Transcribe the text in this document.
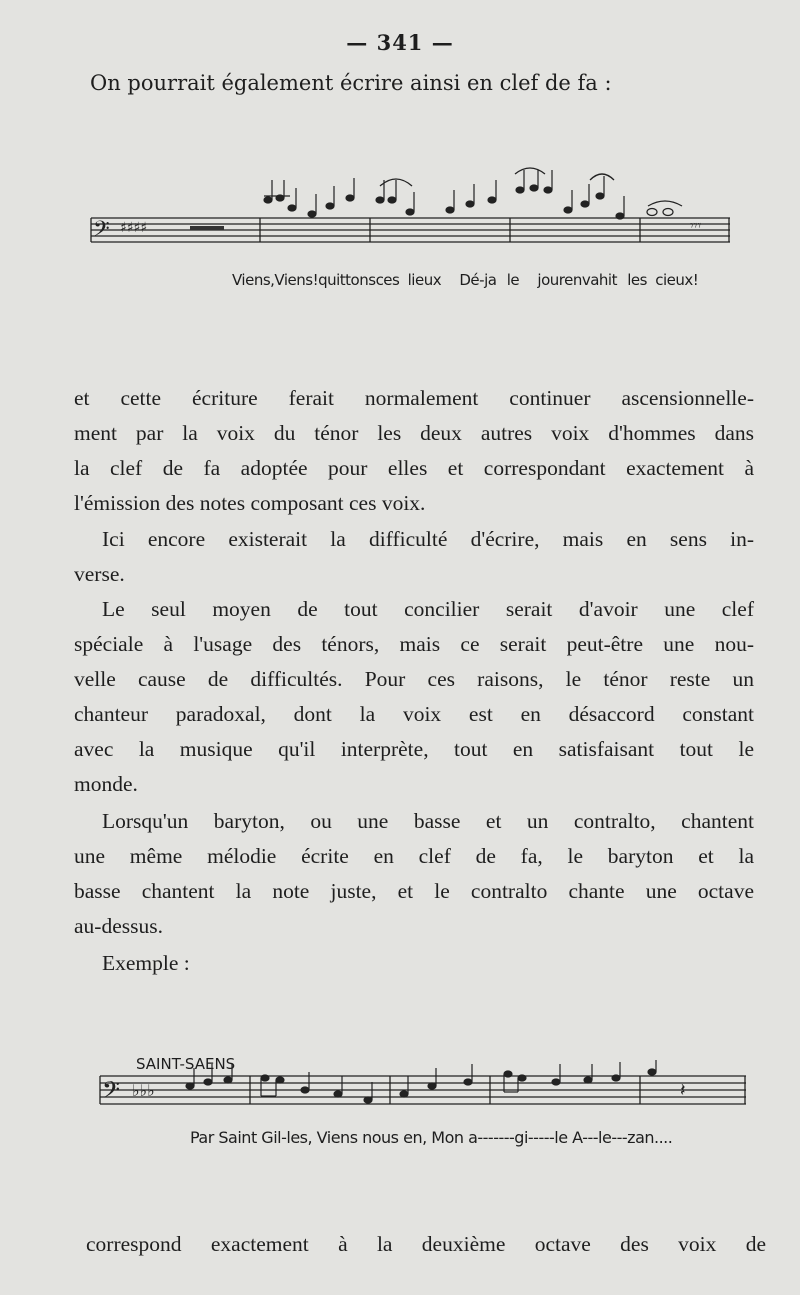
— 341 —
On pourrait également écrire ainsi en clef de fa :
𝄢 ♯♯♯♯	𝄾𝄾𝄾
Viens,Viens!quittonsces lieux Dé-ja le jourenvahit les cieux!
et cette écriture ferait normalement continuer ascensionnelle-
ment par la voix du ténor les deux autres voix d'hommes dans
la clef de fa adoptée pour elles et correspondant exactement à
l'émission des notes composant ces voix.
Ici encore existerait la difficulté d'écrire, mais en sens in-
verse.
Le seul moyen de tout concilier serait d'avoir une clef
spéciale à l'usage des ténors, mais ce serait peut-être une nou-
velle cause de difficultés. Pour ces raisons, le ténor reste un
chanteur paradoxal, dont la voix est en désaccord constant
avec la musique qu'il interprète, tout en satisfaisant tout le
monde.
Lorsqu'un baryton, ou une basse et un contralto, chantent
une même mélodie écrite en clef de fa, le baryton et la
basse chantent la note juste, et le contralto chante une octave
au-dessus.
Exemple :
SAINT-SAENS
𝄢 ♭♭♭	𝄽
Par Saint Gil-les, Viens nous en, Mon a-------gi-----le A---le---zan....
correspond exactement à la deuxième octave des voix de
